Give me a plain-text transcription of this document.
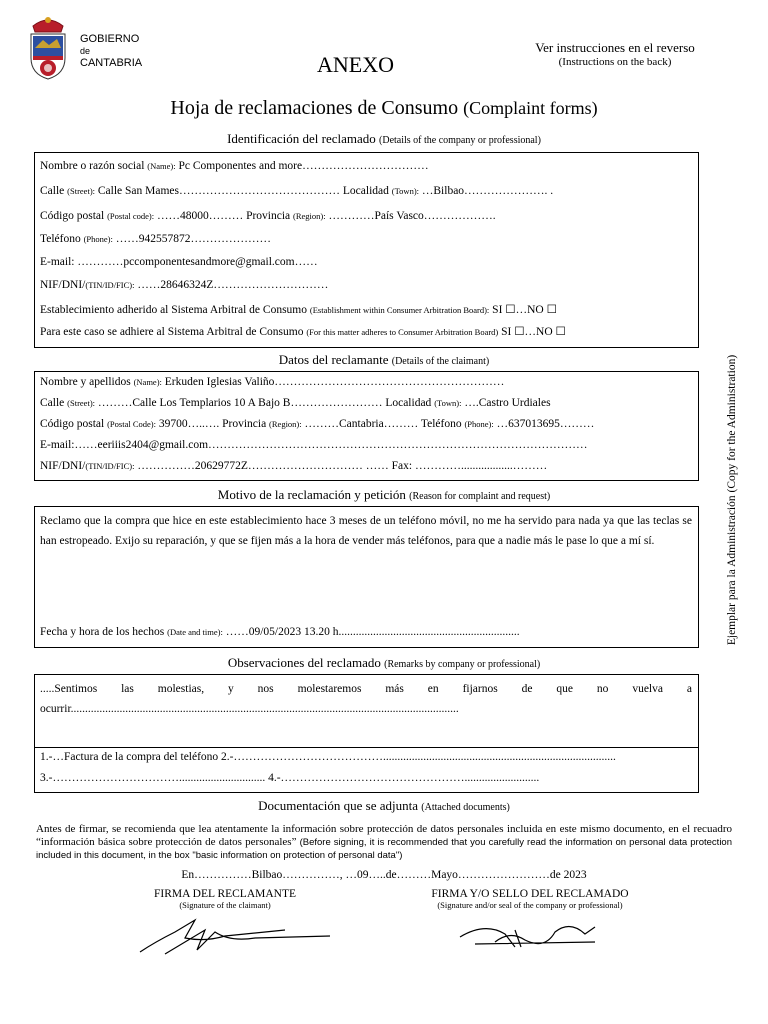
GOBIERNO
de
CANTABRIA	ANEXO
Ver instrucciones en el reverso
(Instructions on the back)
Hoja de reclamaciones de Consumo (Complaint forms)
Identificación del reclamado (Details of the company or professional)
Nombre o razón social (Name): Pc Componentes and more……………………………
Calle (Street): Calle San Mames…………………………………… Localidad (Town): …Bilbao…………………. .
Código postal (Postal code): ……48000……… Provincia (Region): …………País Vasco……………….
Teléfono (Phone): ……942557872…………………
E-mail: …………pccomponentesandmore@gmail.com……
NIF/DNI/(TIN/ID/FIC): ……28646324Z…………………………
Establecimiento adherido al Sistema Arbitral de Consumo (Establishment within Consumer Arbitration Board): SI ☐…NO ☐
Para este caso se adhiere al Sistema Arbitral de Consumo (For this matter adheres to Consumer Arbitration Board) SI ☐…NO ☐
Datos del reclamante (Details of the claimant)
Nombre y apellidos (Name): Erkuden Iglesias Valiño……………………………………………………
Calle (Street): ………Calle Los Templarios 10 A Bajo B…………………… Localidad (Town): ….Castro Urdiales
Código postal (Postal Code): 39700…..…. Provincia (Region): ………Cantabria……… Teléfono (Phone): …637013695………
E-mail:……eeriiis2404@gmail.com………………………………………………………………………………………
NIF/DNI/(TIN/ID/FIC): ……………20629772Z………………………… …… Fax: …………..................………
Motivo de la reclamación y petición (Reason for complaint and request)
Reclamo que la compra que hice en este establecimiento hace 3 meses de un teléfono móvil, no me ha servido para nada ya que las teclas se han estropeado. Exijo su reparación, y que se fijen más a la hora de vender más teléfonos, para que a nadie más le pase lo que a mí sí.
Fecha y hora de los hechos (Date and time): ……09/05/2023 13.20 h...............................................................
Observaciones del reclamado (Remarks by company or professional)
.....Sentimos las molestias, y nos molestaremos más en fijarnos de que no vuelva a ocurrir.......................................................................................................................................
1.-…Factura de la compra del teléfono 2.-………………………………….................................................................................
3.-…………………………….............................. 4.-…………………………………………..........................
Documentación que se adjunta (Attached documents)
Antes de firmar, se recomienda que lea atentamente la información sobre protección de datos personales incluida en este mismo documento, en el recuadro “información básica sobre protección de datos personales” (Before signing, it is recommended that you carefully read the information on personal data protection included in this document, in the box "basic information on protection of personal data")
En……………Bilbao……………, …09…..de………Mayo……………………de 2023
FIRMA DEL RECLAMANTE
(Signature of the claimant)
FIRMA Y/O SELLO DEL RECLAMADO
(Signature and/or seal of the company or professional)
Ejemplar para la Administración (Copy for the Administration)
